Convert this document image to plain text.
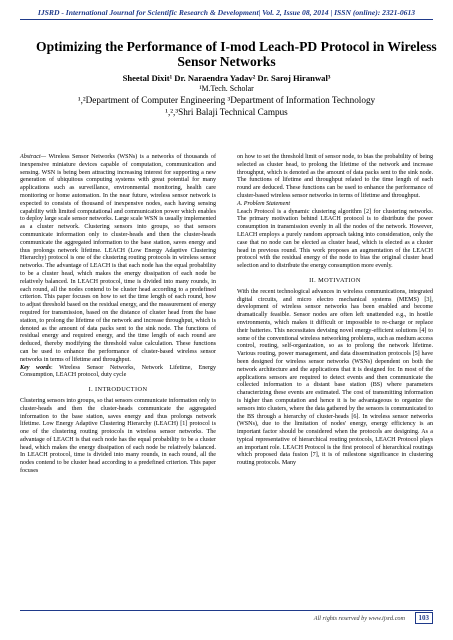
IJSRD - International Journal for Scientific Research & Development| Vol. 2, Issue 08, 2014 | ISSN (online): 2321-0613
Optimizing the Performance of I-mod Leach-PD Protocol in Wireless
Sensor Networks
Sheetal Dixit¹ Dr. Naraendra Yadav² Dr. Saroj Hiranwal³
¹M.Tech. Scholar
¹,²Department of Computer Engineering ³Department of Information Technology
¹,²,³Shri Balaji Technical Campus

Abstract— Wireless Sensor Networks (WSNs) is a networks of thousands of inexpensive miniature devices capable of computation, communication and sensing. WSN is being been attracting increasing interest for supporting a new generation of ubiquitous computing systems with great potential for many applications such as surveillance, environmental monitoring, health care monitoring or home automation. In the near future, wireless sensor network is expected to consists of thousand of inexpensive nodes, each having sensing capability with limited computational and communication power which enables to deploy large scale sensor networks. Large scale WSN is usually implemented as a cluster network. Clustering sensors into groups, so that sensors communicate information only to cluster-heads and then the cluster-heads communicate the aggregated information to the base station, saves energy and thus prolongs network lifetime. LEACH (Low Energy Adaptive Clustering Hierarchy) protocol is one of the clustering routing protocols in wireless sensor networks. The advantage of LEACH is that each node has the equal probability to be a cluster head, which makes the energy dissipation of each node be relatively balanced. In LEACH protocol, time is divided into many rounds, in each round, all the nodes contend to be cluster head according to a predefined criterion. This paper focuses on how to set the time length of each round, how to adjust threshold based on the residual energy, and the measurement of energy required for transmission, based on the distance of cluster head from the base station, to prolong the lifetime of the network and increase throughput, which is denoted as the amount of data packs sent to the sink node. The functions of residual energy and required energy, and the time length of each round are deduced, thereby modifying the threshold value calculation. These functions can be used to enhance the performance of cluster-based wireless sensor networks in terms of lifetime and throughput.

Key words: Wireless Sensor Networks, Network Lifetime, Energy Consumption, LEACH protocol, duty cycle

I. INTRODUCTION

Clustering sensors into groups, so that sensors communicate information only to cluster-heads and then the cluster-heads communicate the aggregated information to the base station, saves energy and thus prolongs network lifetime. Low Energy Adaptive Clustering Hierarchy (LEACH) [1] protocol is one of the clustering routing protocols in wireless sensor networks. The advantage of LEACH is that each node has the equal probability to be a cluster head, which makes the energy dissipation of each node be relatively balanced. In LEACH protocol, time is divided into many rounds, in each round, all the nodes contend to be cluster head according to a predefined criterion. This paper focuses

on how to set the threshold limit of sensor node, to bias the probability of being selected as cluster head, to prolong the lifetime of the network and increase throughput, which is denoted as the amount of data packs sent to the sink node. The functions of lifetime and throughput related to the time length of each round are deduced. These functions can be used to enhance the performance of cluster-based wireless sensor networks in terms of lifetime and throughput.

A. Problem Statement

Leach Protocol is a dynamic clustering algorithm [2] for clustering networks. The primary motivation behind LEACH protocol is to distribute the power consumption in transmission evenly in all the nodes of the network. However, LEACH employs a purely random approach taking into consideration, only the case that no node can be elected as cluster head, which is elected as a cluster head in previous round. This work proposes an augmentation of the LEACH protocol with the residual energy of the node to bias the original cluster head selection and to distribute the energy consumption more evenly.

II. MOTIVATION

With the recent technological advances in wireless communications, integrated digital circuits, and micro electro mechanical systems (MEMS) [3], development of wireless sensor networks has been enabled and become dramatically feasible. Sensor nodes are often left unattended e.g., in hostile environments, which makes it difficult or impossible to re-charge or replace their batteries. This necessitates devising novel energy-efficient solutions [4] to some of the conventional wireless networking problems, such as medium access control, routing, self-organization, so as to prolong the network lifetime. Various routing, power management, and data dissemination protocols [5] have been designed for wireless sensor networks (WSNs) dependent on both the network architecture and the applications that it is designed for. In most of the applications sensors are required to detect events and then communicate the collected information to a distant base station (BS) where parameters characterizing these events are estimated. The cost of transmitting information is higher than computation and hence it is be advantageous to organize the sensors into clusters, where the data gathered by the sensors is communicated to the BS through a hierarchy of cluster-heads [6]. In wireless sensor networks (WSNs), due to the limitation of nodes' energy, energy efficiency is an important factor should be considered when the protocols are designing. As a typical representative of hierarchical routing protocols, LEACH Protocol plays an important role. LEACH Protocol is the first protocol of hierarchical routings which proposed data fusion [7], it is of milestone significance in clustering routing protocols. Many

All rights reserved by www.ijsrd.com	103
